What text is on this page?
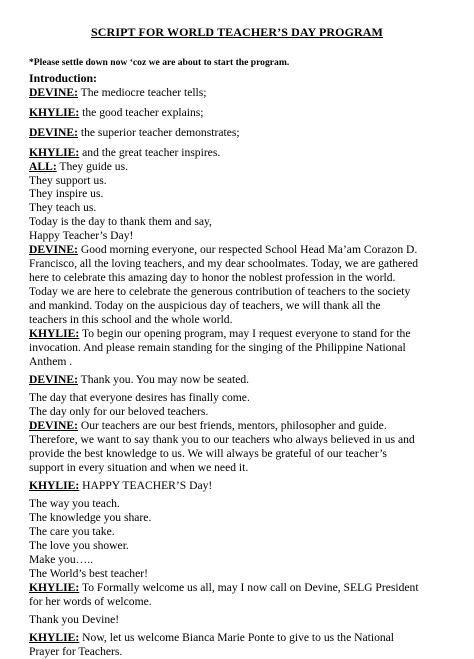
SCRIPT FOR WORLD TEACHER’S DAY PROGRAM
*Please settle down now ‘coz we are about to start the program.
Introduction:
DEVINE: The mediocre teacher tells;
KHYLIE: the good teacher explains;
DEVINE: the superior teacher demonstrates;
KHYLIE: and the great teacher inspires.
ALL: They guide us.
They support us.
They inspire us.
They teach us.
Today is the day to thank them and say,
Happy Teacher’s Day!
DEVINE: Good morning everyone, our respected School Head Ma’am Corazon D.
Francisco, all the loving teachers, and my dear schoolmates. Today, we are gathered
here to celebrate this amazing day to honor the noblest profession in the world.
Today we are here to celebrate the generous contribution of teachers to the society
and mankind. Today on the auspicious day of teachers, we will thank all the
teachers in this school and the whole world.
KHYLIE: To begin our opening program, may I request everyone to stand for the
invocation. And please remain standing for the singing of the Philippine National
Anthem .
DEVINE: Thank you. You may now be seated.
The day that everyone desires has finally come.
The day only for our beloved teachers.
DEVINE: Our teachers are our best friends, mentors, philosopher and guide.
Therefore, we want to say thank you to our teachers who always believed in us and
provide the best knowledge to us. We will always be grateful of our teacher’s
support in every situation and when we need it.
KHYLIE: HAPPY TEACHER’S Day!
The way you teach.
The knowledge you share.
The care you take.
The love you shower.
Make you…..
The World’s best teacher!
KHYLIE: To Formally welcome us all, may I now call on Devine, SELG President
for her words of welcome.
Thank you Devine!
KHYLIE: Now, let us welcome Bianca Marie Ponte to give to us the National
Prayer for Teachers.
